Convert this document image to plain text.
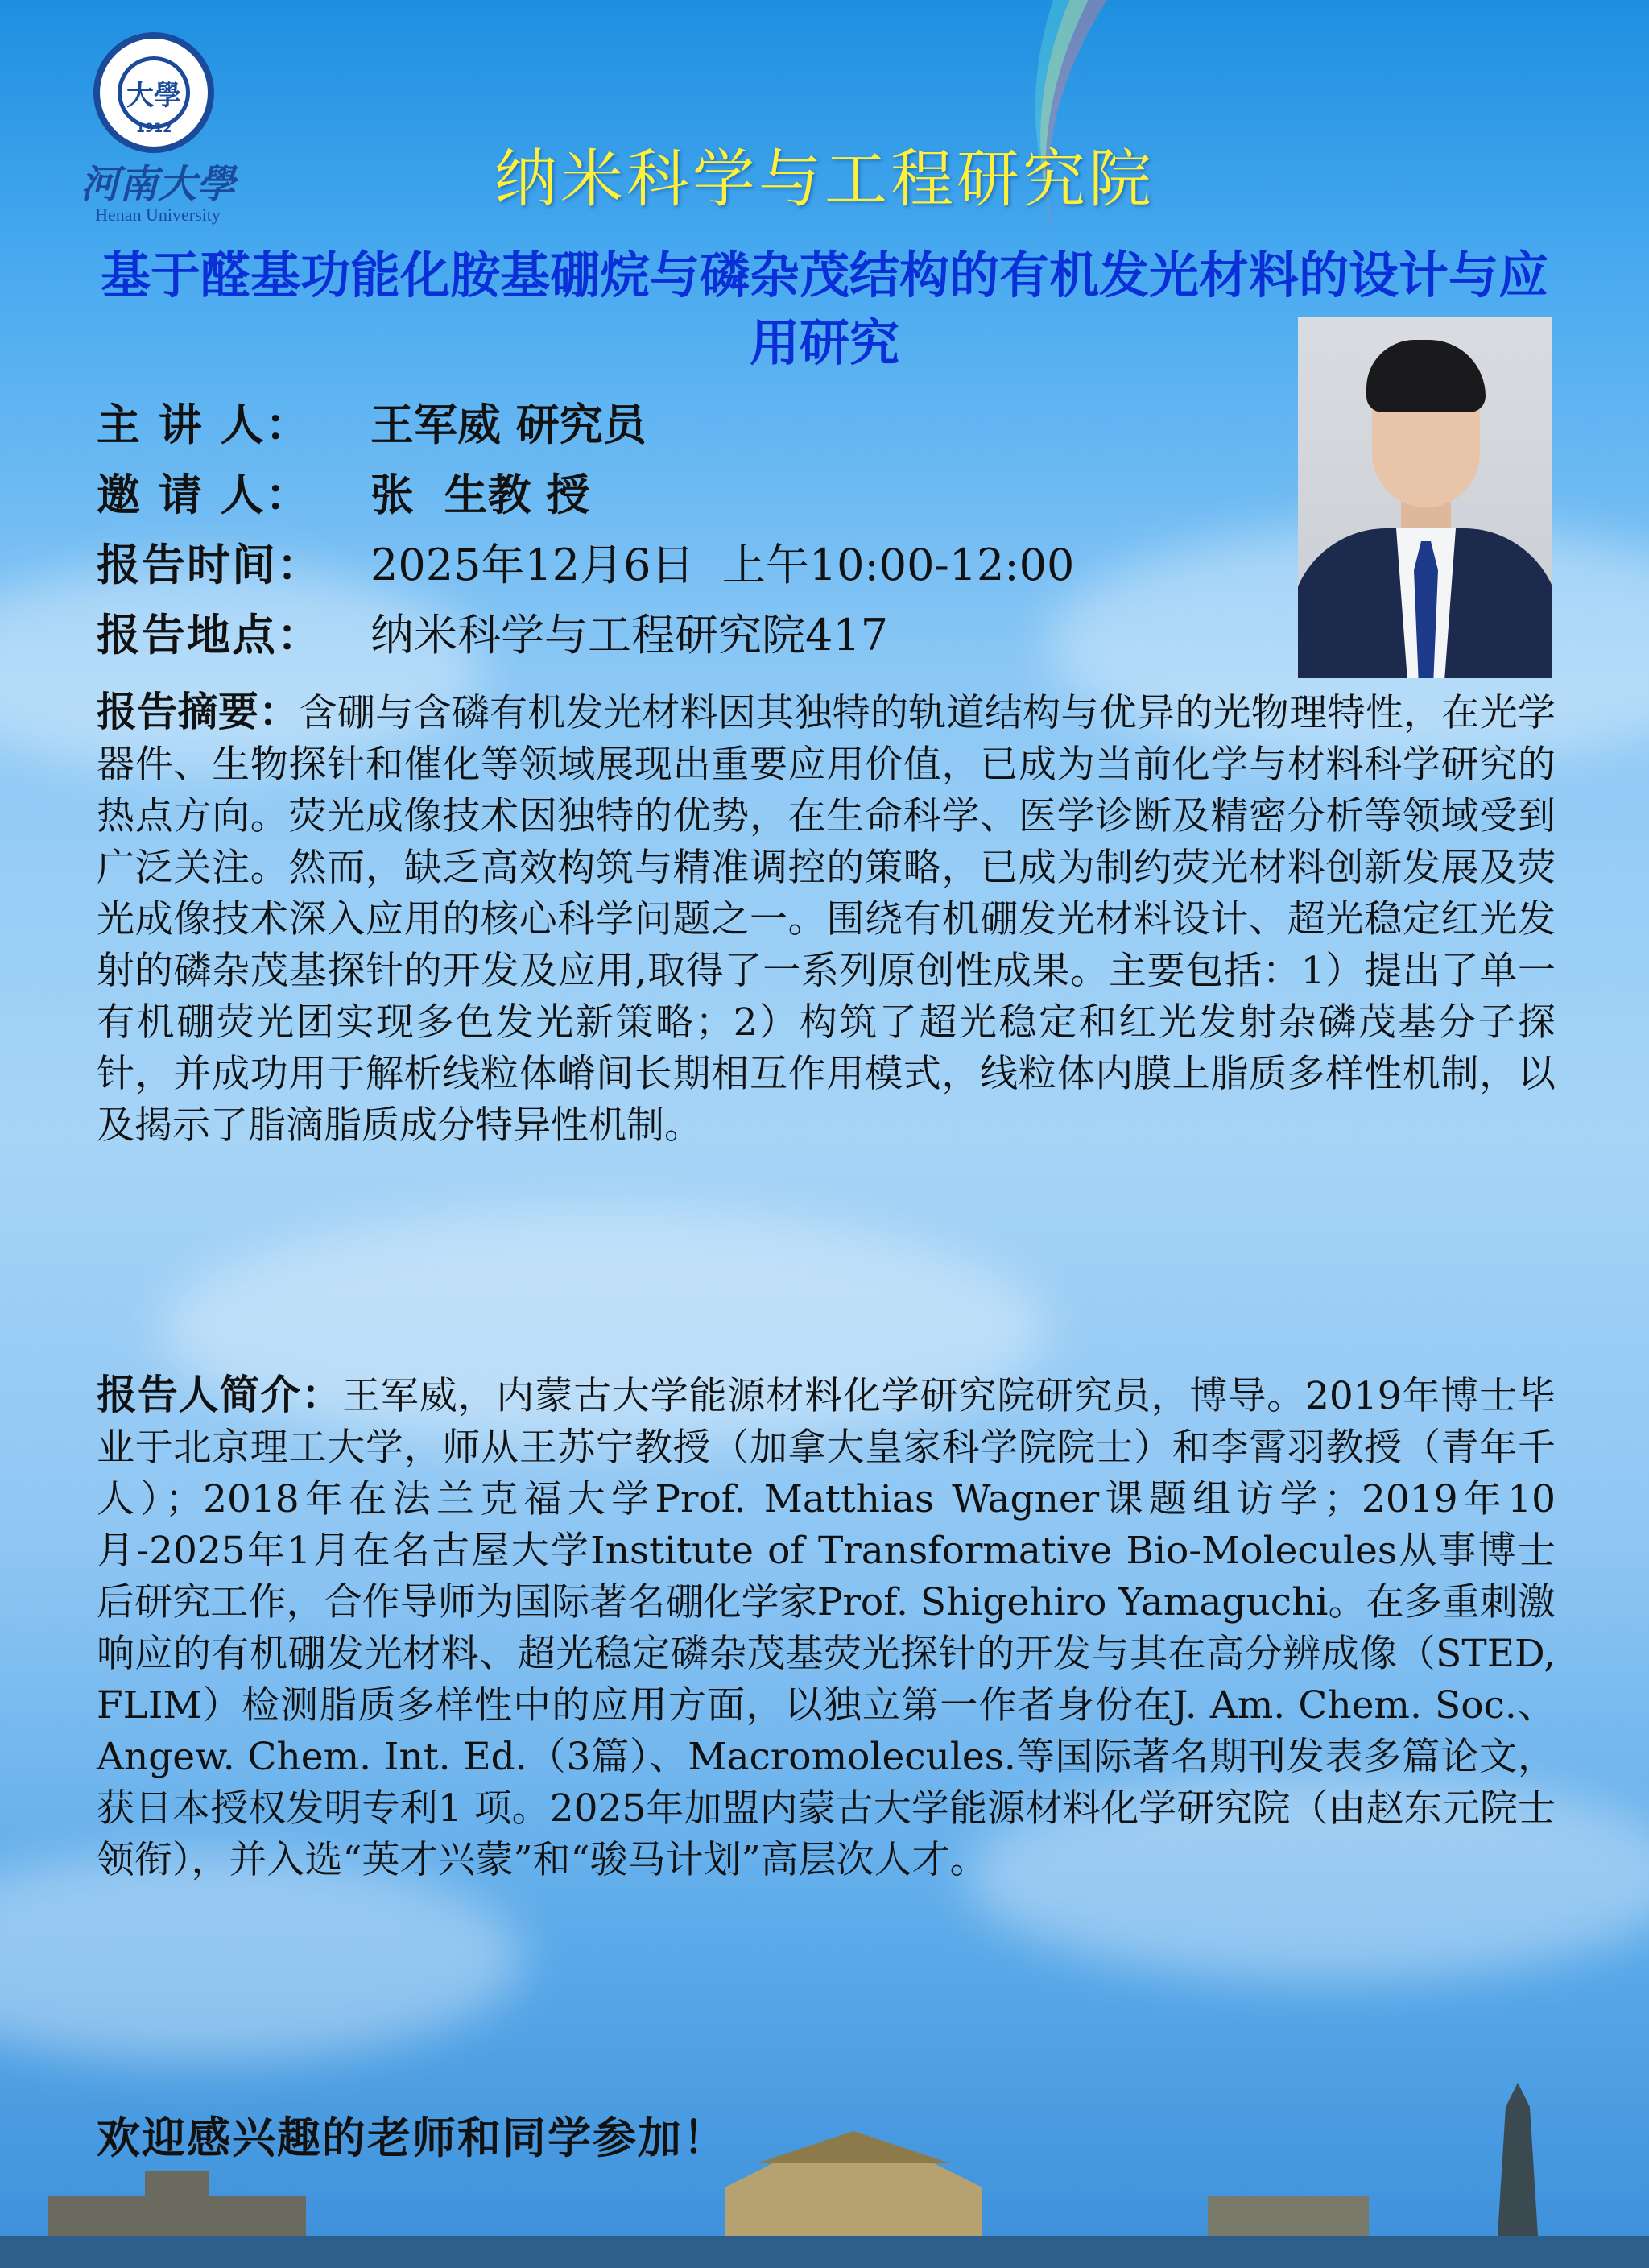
大學
1912
河南大學
Henan University	纳米科学与工程研究院
基于醛基功能化胺基硼烷与磷杂茂结构的有机发光材料的设计与应用研究
主 讲 人：	王军威 研究员
邀 请 人：	张  生教 授
报告时间：	2025年12月6日  上午10:00-12:00
报告地点：	纳米科学与工程研究院417
报告摘要：含硼与含磷有机发光材料因其独特的轨道结构与优异的光物理特性，在光学器件、生物探针和催化等领域展现出重要应用价值，已成为当前化学与材料科学研究的热点方向。荧光成像技术因独特的优势，在生命科学、医学诊断及精密分析等领域受到广泛关注。然而，缺乏高效构筑与精准调控的策略，已成为制约荧光材料创新发展及荧光成像技术深入应用的核心科学问题之一。围绕有机硼发光材料设计、超光稳定红光发射的磷杂茂基探针的开发及应用,取得了一系列原创性成果。主要包括：1）提出了单一有机硼荧光团实现多色发光新策略；2）构筑了超光稳定和红光发射杂磷茂基分子探针，并成功用于解析线粒体嵴间长期相互作用模式，线粒体内膜上脂质多样性机制，以及揭示了脂滴脂质成分特异性机制。
报告人简介：王军威，内蒙古大学能源材料化学研究院研究员，博导。2019年博士毕业于北京理工大学，师从王苏宁教授（加拿大皇家科学院院士）和李霄羽教授（青年千人）；2018年在法兰克福大学Prof. Matthias Wagner课题组访学；2019年10月-2025年1月在名古屋大学Institute of Transformative Bio-Molecules从事博士后研究工作，合作导师为国际著名硼化学家Prof. Shigehiro Yamaguchi。在多重刺激响应的有机硼发光材料、超光稳定磷杂茂基荧光探针的开发与其在高分辨成像（STED, FLIM）检测脂质多样性中的应用方面，以独立第一作者身份在J. Am. Chem. Soc.、Angew. Chem. Int. Ed.（3篇）、Macromolecules.等国际著名期刊发表多篇论文，获日本授权发明专利1 项。2025年加盟内蒙古大学能源材料化学研究院（由赵东元院士领衔），并入选“英才兴蒙”和“骏马计划”高层次人才。
欢迎感兴趣的老师和同学参加！
